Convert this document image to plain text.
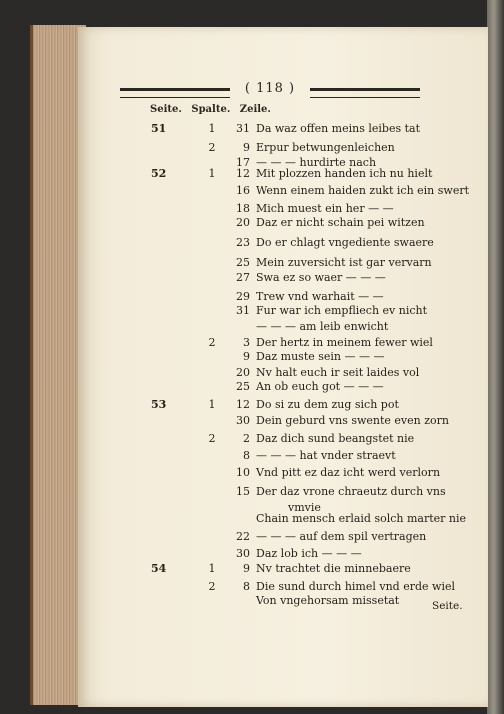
( 118 )
Seite. Spalte. Zeile.
51	1	31 Da waz offen meins leibes tat
2	9 Erpur betwungenleichen
17 — — — hurdirte nach
52	1	12 Mit plozzen handen ich nu hielt
16 Wenn einem haiden zukt ich ein swert
18 Mich muest ein her — —
20 Daz er nicht schain pei witzen
23 Do er chlagt vngediente swaere
25 Mein zuversicht ist gar vervarn
27 Swa ez so waer — — —
29 Trew vnd warhait — —
31 Fur war ich empfliech ev nicht
— — — am leib enwicht
2	3 Der hertz in meinem fewer wiel
9 Daz muste sein — — —
20 Nv halt euch ir seit laides vol
25 An ob euch got — — —
53	1	12 Do si zu dem zug sich pot
30 Dein geburd vns swente even zorn
2	2 Daz dich sund beangstet nie
8 — — — hat vnder straevt
10 Vnd pitt ez daz icht werd verlorn
15 Der daz vrone chraeutz durch vns
vmvie
Chain mensch erlaid solch marter nie
22 — — — auf dem spil vertragen
30 Daz lob ich — — —
54	1	9 Nv trachtet die minnebaere
2	8 Die sund durch himel vnd erde wiel
Von vngehorsam missetat	Seite.
